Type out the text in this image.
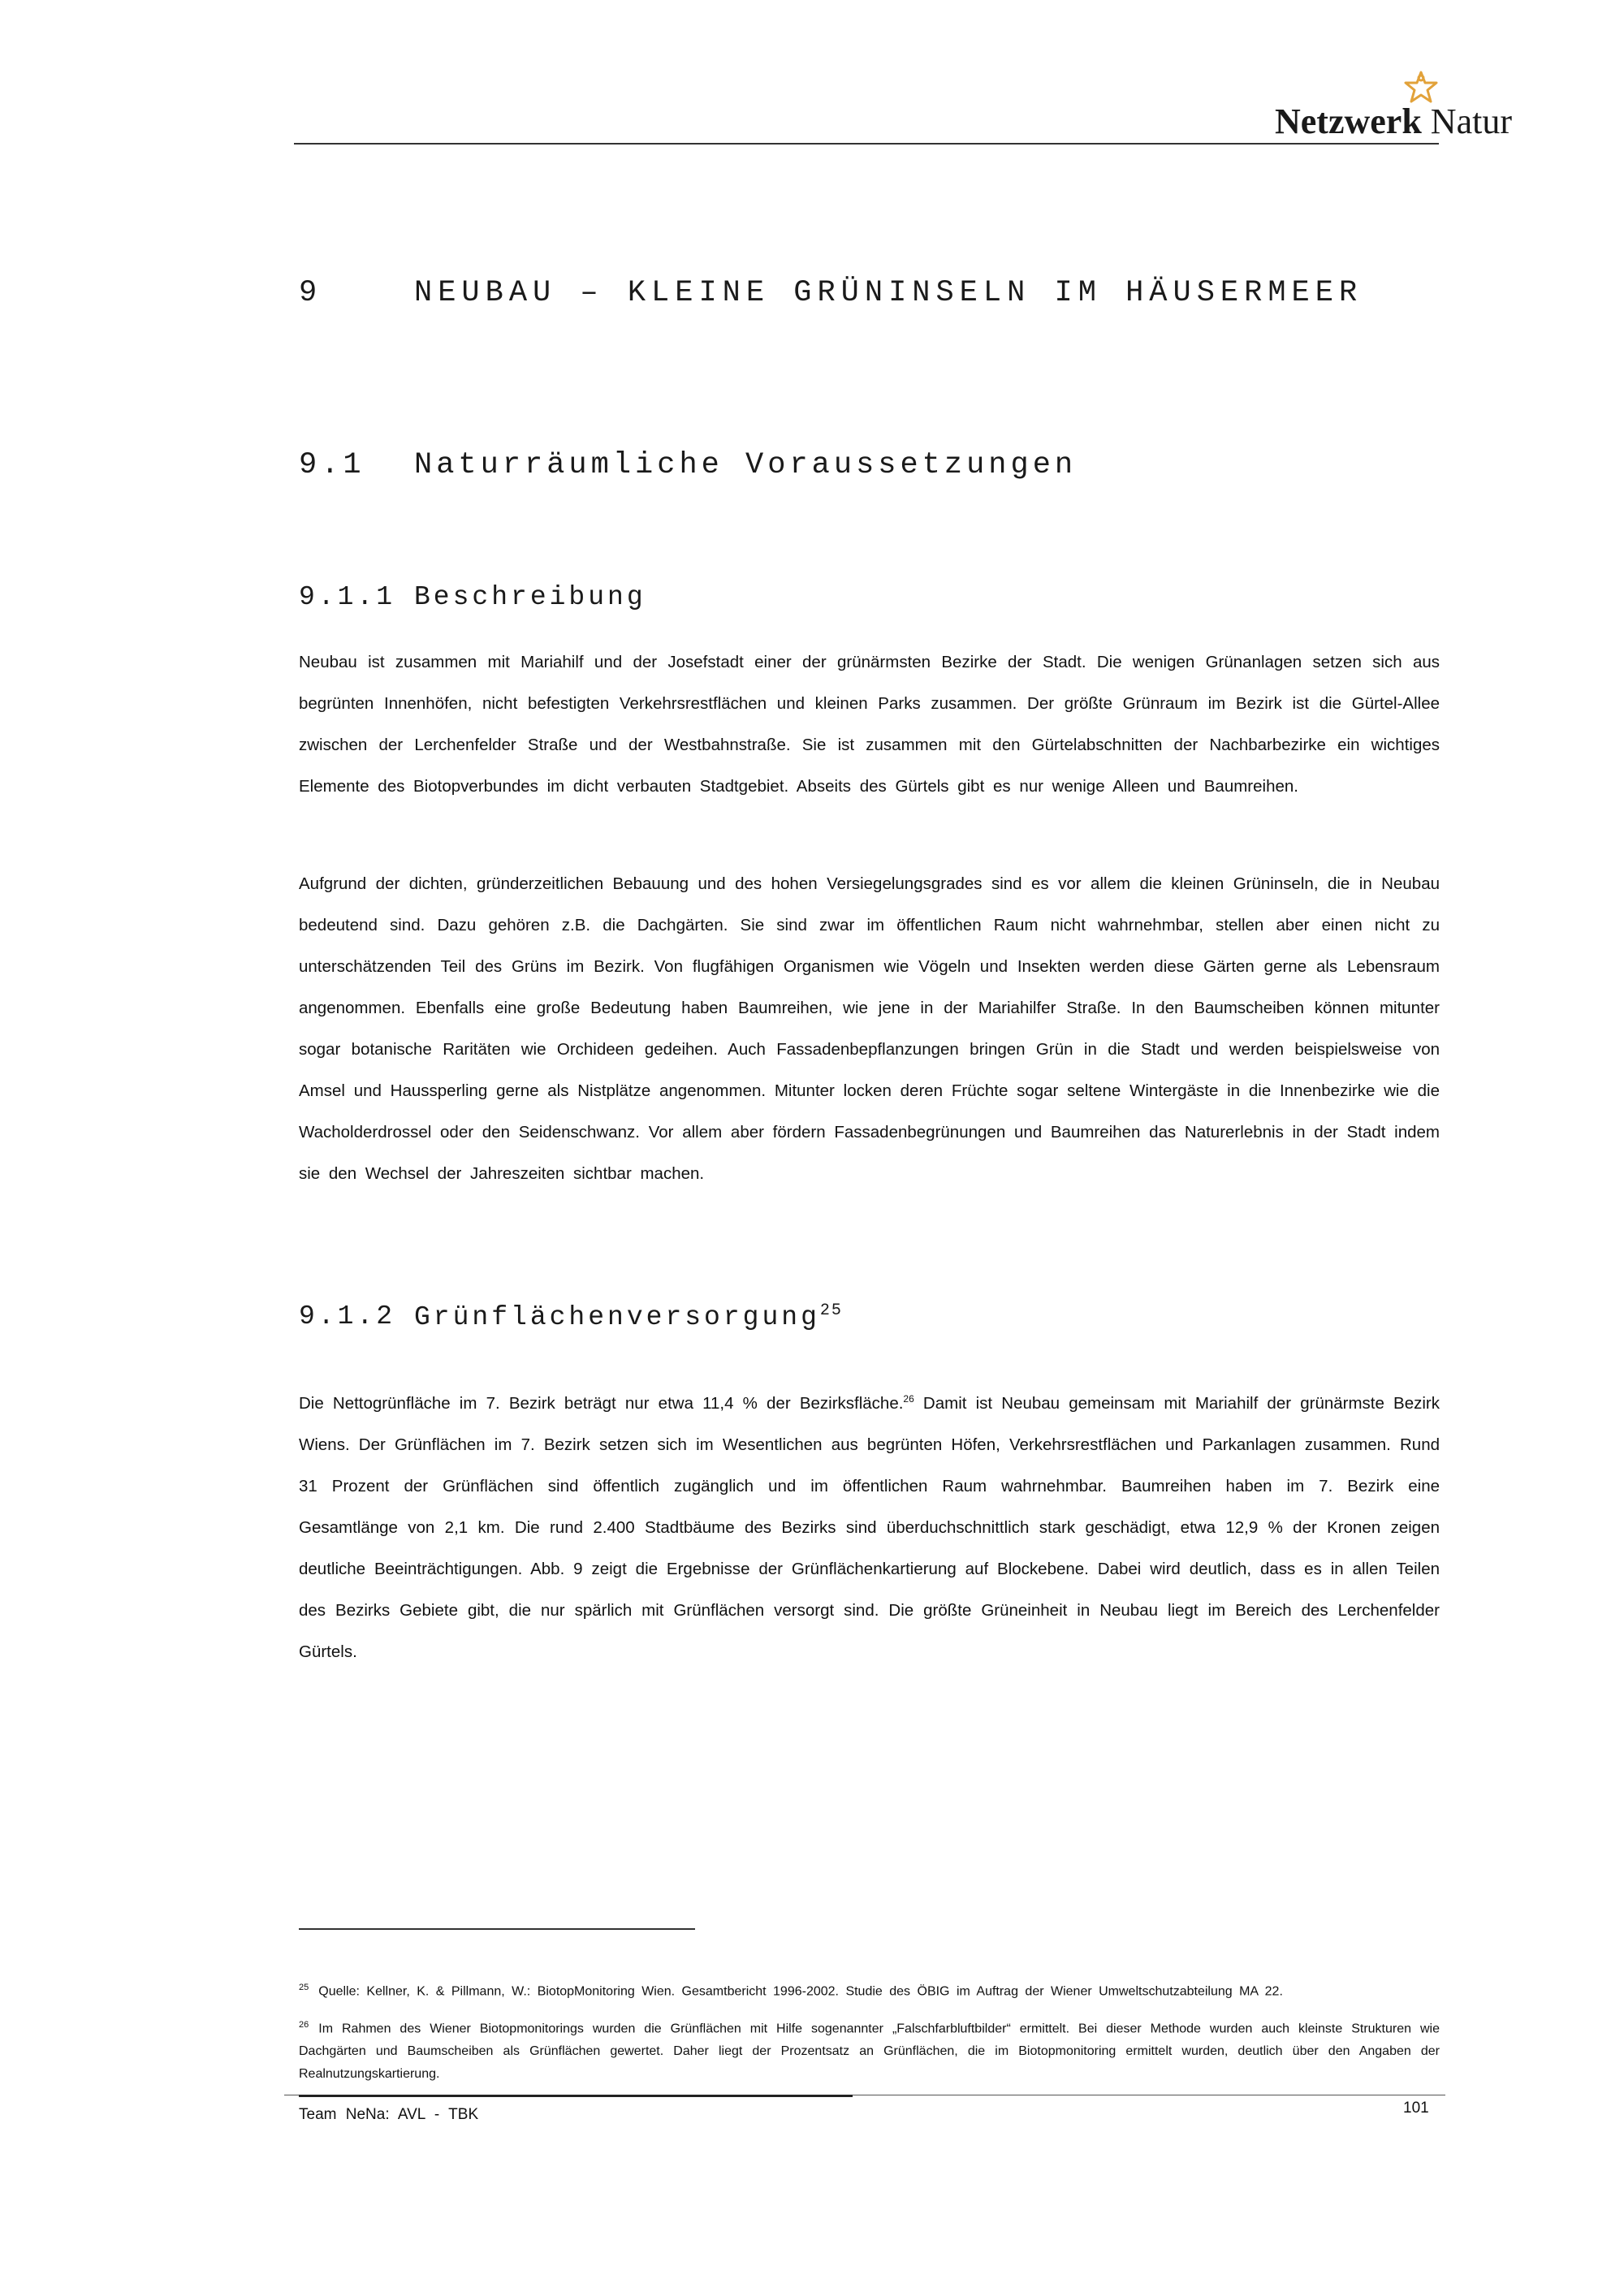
Netzwerk Natur
9	NEUBAU – KLEINE GRÜNINSELN IM HÄUSERMEER
9.1 Naturräumliche Voraussetzungen
9.1.1 Beschreibung
Neubau ist zusammen mit Mariahilf und der Josefstadt einer der grünärmsten Bezirke der Stadt. Die wenigen Grünanlagen setzen sich aus begrünten Innenhöfen, nicht befestigten Verkehrsrestflächen und kleinen Parks zusammen. Der größte Grünraum im Bezirk ist die Gürtel-Allee zwischen der Lerchenfelder Straße und der Westbahnstraße. Sie ist zusammen mit den Gürtelabschnitten der Nachbarbezirke ein wichtiges Elemente des Biotopverbundes im dicht verbauten Stadtgebiet. Abseits des Gürtels gibt es nur wenige Alleen und Baumreihen.
Aufgrund der dichten, gründerzeitlichen Bebauung und des hohen Versiegelungsgrades sind es vor allem die kleinen Grüninseln, die in Neubau bedeutend sind. Dazu gehören z.B. die Dachgärten. Sie sind zwar im öffentlichen Raum nicht wahrnehmbar, stellen aber einen nicht zu unterschätzenden Teil des Grüns im Bezirk. Von flugfähigen Organismen wie Vögeln und Insekten werden diese Gärten gerne als Lebensraum angenommen. Ebenfalls eine große Bedeutung haben Baumreihen, wie jene in der Mariahilfer Straße. In den Baumscheiben können mitunter sogar botanische Raritäten wie Orchideen gedeihen. Auch Fassadenbepflanzungen bringen Grün in die Stadt und werden beispielsweise von Amsel und Haussperling gerne als Nistplätze angenommen. Mitunter locken deren Früchte sogar seltene Wintergäste in die Innenbezirke wie die Wacholderdrossel oder den Seidenschwanz. Vor allem aber fördern Fassadenbegrünungen und Baumreihen das Naturerlebnis in der Stadt indem sie den Wechsel der Jahreszeiten sichtbar machen.
9.1.2 Grünflächenversorgung$^{25}$
Die Nettogrünfläche im 7. Bezirk beträgt nur etwa 11,4 % der Bezirksfläche.$^{26}$ Damit ist Neubau gemeinsam mit Mariahilf der grünärmste Bezirk Wiens. Der Grünflächen im 7. Bezirk setzen sich im Wesentlichen aus begrünten Höfen, Verkehrsrestflächen und Parkanlagen zusammen. Rund 31 Prozent der Grünflächen sind öffentlich zugänglich und im öffentlichen Raum wahrnehmbar. Baumreihen haben im 7. Bezirk eine Gesamtlänge von 2,1 km. Die rund 2.400 Stadtbäume des Bezirks sind überduchschnittlich stark geschädigt, etwa 12,9 % der Kronen zeigen deutliche Beeinträchtigungen. Abb. 9 zeigt die Ergebnisse der Grünflächenkartierung auf Blockebene. Dabei wird deutlich, dass es in allen Teilen des Bezirks Gebiete gibt, die nur spärlich mit Grünflächen versorgt sind. Die größte Grüneinheit in Neubau liegt im Bereich des Lerchenfelder Gürtels.
$^{25}$ Quelle: Kellner, K. & Pillmann, W.: BiotopMonitoring Wien. Gesamtbericht 1996-2002. Studie des ÖBIG im Auftrag der Wiener Umweltschutzabteilung MA 22.
$^{26}$ Im Rahmen des Wiener Biotopmonitorings wurden die Grünflächen mit Hilfe sogenannter „Falschfarbluftbilder“ ermittelt. Bei dieser Methode wurden auch kleinste Strukturen wie Dachgärten und Baumscheiben als Grünflächen gewertet. Daher liegt der Prozentsatz an Grünflächen, die im Biotopmonitoring ermittelt wurden, deutlich über den Angaben der Realnutzungskartierung.
Team NeNa: AVL - TBK	101
